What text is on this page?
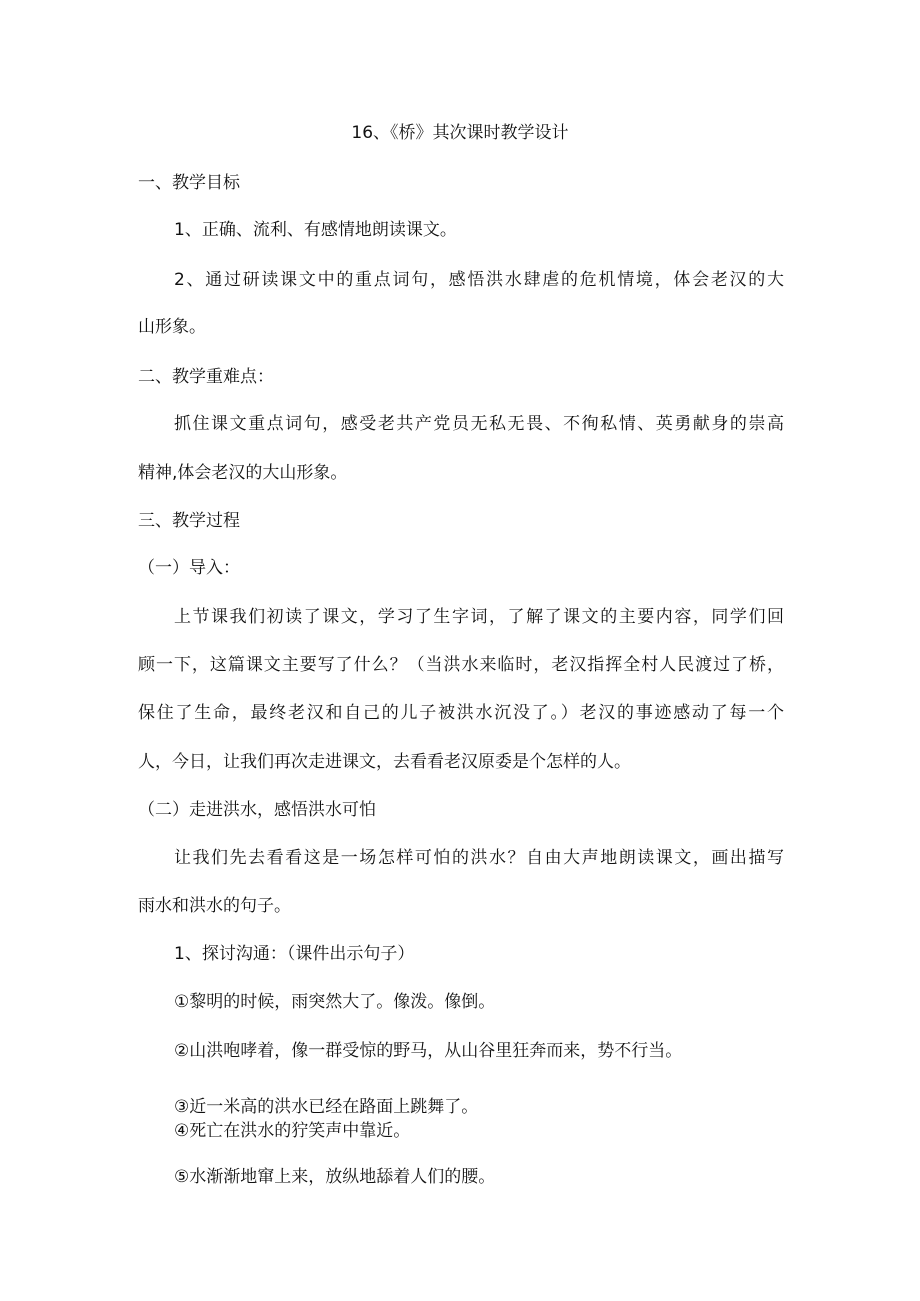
16、《桥》其次课时教学设计
一、教学目标
1、正确、流利、有感情地朗读课文。
2、通过研读课文中的重点词句，感悟洪水肆虐的危机情境，体会老汉的大
山形象。
二、教学重难点：
抓住课文重点词句，感受老共产党员无私无畏、不徇私情、英勇献身的崇高
精神,体会老汉的大山形象。
三、教学过程
（一）导入：
上节课我们初读了课文，学习了生字词，了解了课文的主要内容，同学们回
顾一下，这篇课文主要写了什么？（当洪水来临时，老汉指挥全村人民渡过了桥，
保住了生命，最终老汉和自己的儿子被洪水沉没了。）老汉的事迹感动了每一个
人，今日，让我们再次走进课文，去看看老汉原委是个怎样的人。
（二）走进洪水，感悟洪水可怕
让我们先去看看这是一场怎样可怕的洪水？自由大声地朗读课文，画出描写
雨水和洪水的句子。
1、探讨沟通：（课件出示句子）
①黎明的时候，雨突然大了。像泼。像倒。
②山洪咆哮着，像一群受惊的野马，从山谷里狂奔而来，势不行当。
③近一米高的洪水已经在路面上跳舞了。
④死亡在洪水的狞笑声中靠近。
⑤水渐渐地窜上来，放纵地舔着人们的腰。
